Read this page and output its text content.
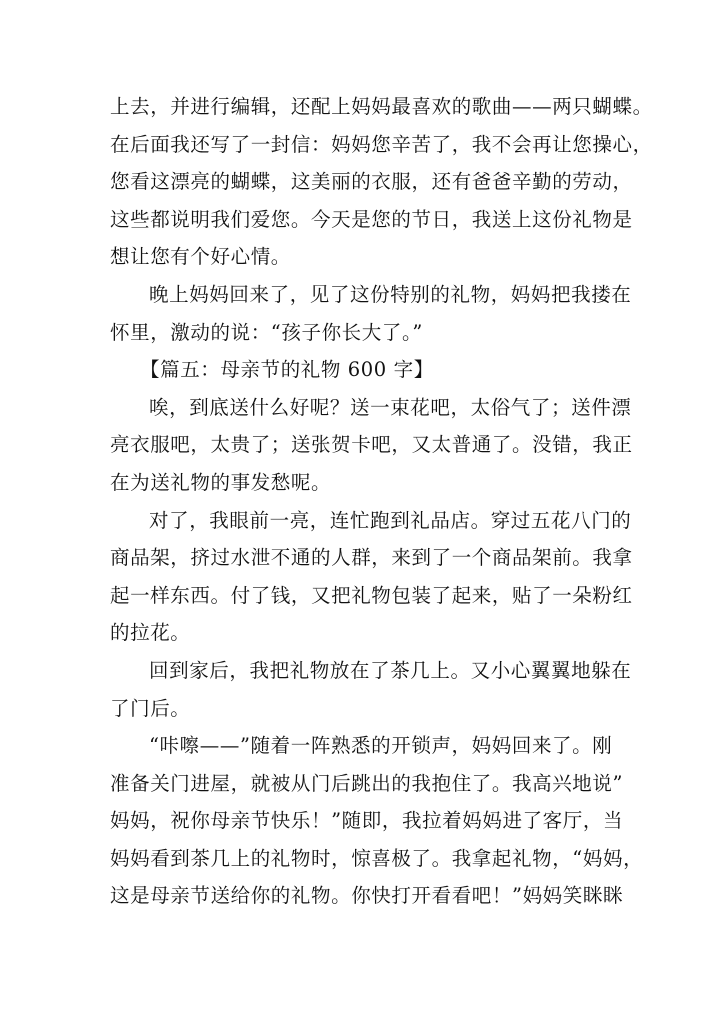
上去，并进行编辑，还配上妈妈最喜欢的歌曲——两只蝴蝶。
在后面我还写了一封信：妈妈您辛苦了，我不会再让您操心，
您看这漂亮的蝴蝶，这美丽的衣服，还有爸爸辛勤的劳动，
这些都说明我们爱您。今天是您的节日，我送上这份礼物是
想让您有个好心情。
晚上妈妈回来了，见了这份特别的礼物，妈妈把我搂在
怀里，激动的说：“孩子你长大了。”
【篇五：母亲节的礼物 600 字】
唉，到底送什么好呢？送一束花吧，太俗气了；送件漂
亮衣服吧，太贵了；送张贺卡吧，又太普通了。没错，我正
在为送礼物的事发愁呢。
对了，我眼前一亮，连忙跑到礼品店。穿过五花八门的
商品架，挤过水泄不通的人群，来到了一个商品架前。我拿
起一样东西。付了钱，又把礼物包装了起来，贴了一朵粉红
的拉花。
回到家后，我把礼物放在了茶几上。又小心翼翼地躲在
了门后。
“咔嚓——”随着一阵熟悉的开锁声，妈妈回来了。刚
准备关门进屋，就被从门后跳出的我抱住了。我高兴地说”
妈妈，祝你母亲节快乐！”随即，我拉着妈妈进了客厅，当
妈妈看到茶几上的礼物时，惊喜极了。我拿起礼物，“妈妈，
这是母亲节送给你的礼物。你快打开看看吧！”妈妈笑眯眯
